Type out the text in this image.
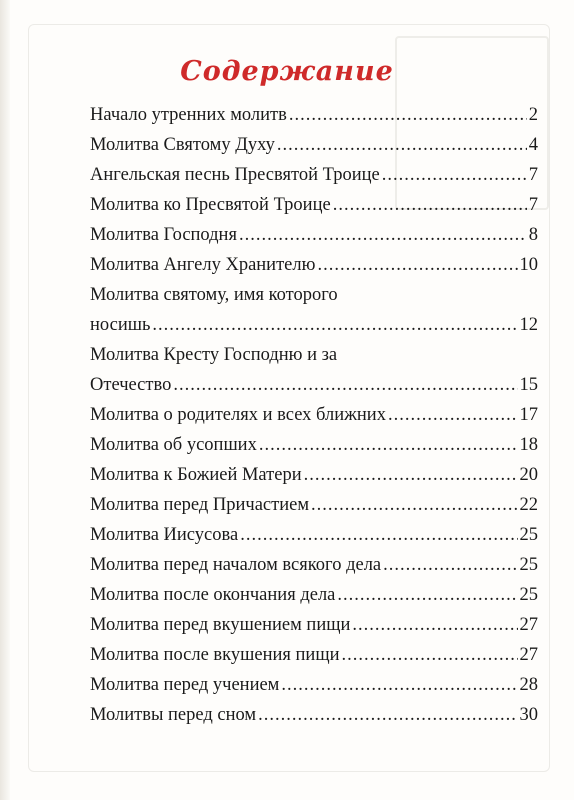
Содержание
Начало утренних молитв .....	2
Молитва Святому Духу .....	4
Ангельская песнь Пресвятой Троице .....	7
Молитва ко Пресвятой Троице .....	7
Молитва Господня .....	8
Молитва Ангелу Хранителю .....	10
Молитва святому, имя которого
носишь .....	12
Молитва Кресту Господню и за
Отечество .....	15
Молитва о родителях и всех ближних .....	17
Молитва об усопших .....	18
Молитва к Божией Матери .....	20
Молитва перед Причастием .....	22
Молитва Иисусова .....	25
Молитва перед началом всякого дела .....	25
Молитва после окончания дела .....	25
Молитва перед вкушением пищи .....	27
Молитва после вкушения пищи .....	27
Молитва перед учением .....	28
Молитвы перед сном .....	30
